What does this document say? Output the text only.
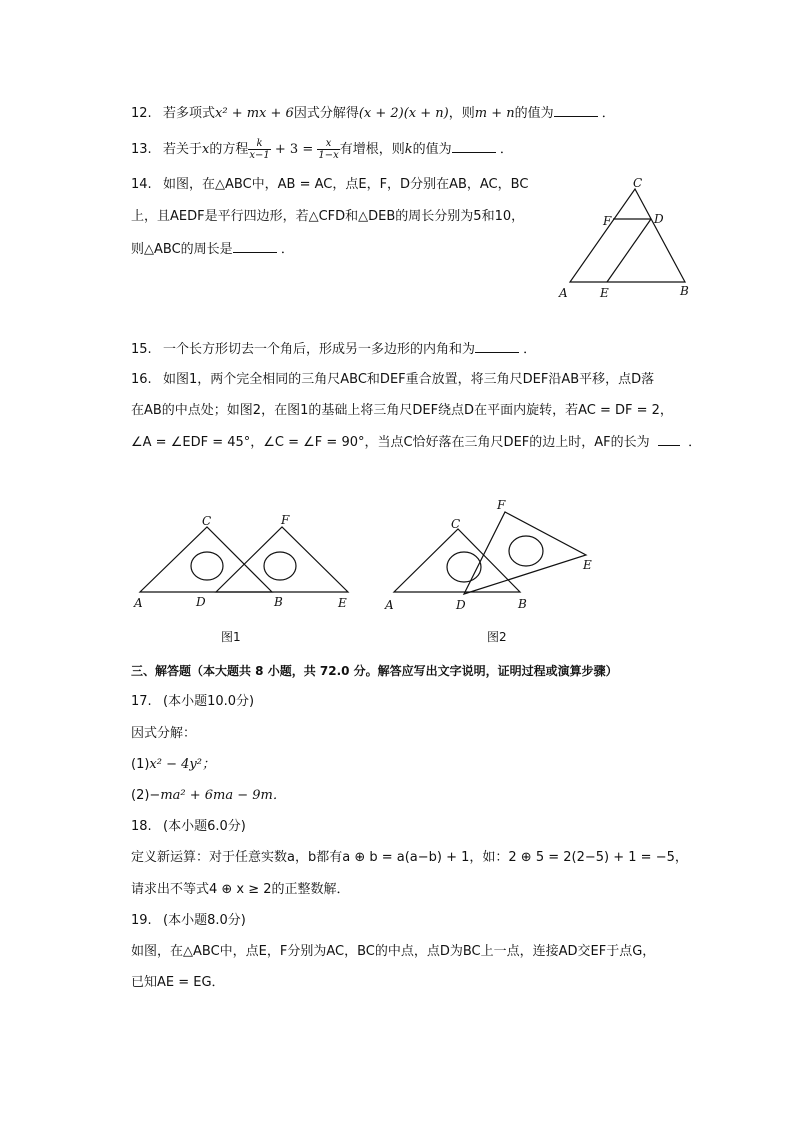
12. 若多项式x² + mx + 6因式分解得(x + 2)(x + n)，则m + n的值为	．
13. 若关于x的方程 $\frac{k}{x-1} + 3 = \frac{x}{1-x}$ 有增根，则k的值为	．
14. 如图，在△ABC中，AB = AC，点E，F，D分别在AB，AC，BC
上，且AEDF是平行四边形，若△CFD和△DEB的周长分别为5和10，
则△ABC的周长是	．
C
F	D
A	E	B
15. 一个长方形切去一个角后，形成另一多边形的内角和为	．
16. 如图1，两个完全相同的三角尺ABC和DEF重合放置，将三角尺DEF沿AB平移，点D落
在AB的中点处；如图2，在图1的基础上将三角尺DEF绕点D在平面内旋转，若AC = DF = 2，
∠A = ∠EDF = 45°，∠C = ∠F = 90°，当点C恰好落在三角尺DEF的边上时，AF的长为	．
C	F
A	D	B	E
图1
C
F
E
A	D	B
图2
三、解答题（本大题共 8 小题，共 72.0 分。解答应写出文字说明，证明过程或演算步骤）
17. (本小题10.0分)
因式分解：
(1)x² − 4y²；
(2)−ma² + 6ma − 9m．
18. (本小题6.0分)
定义新运算：对于任意实数a，b都有a ⊕ b = a(a−b) + 1，如：2 ⊕ 5 = 2(2−5) + 1 = −5，
请求出不等式4 ⊕ x ≥ 2的正整数解．
19. (本小题8.0分)
如图，在△ABC中，点E，F分别为AC，BC的中点，点D为BC上一点，连接AD交EF于点G，
已知AE = EG．
